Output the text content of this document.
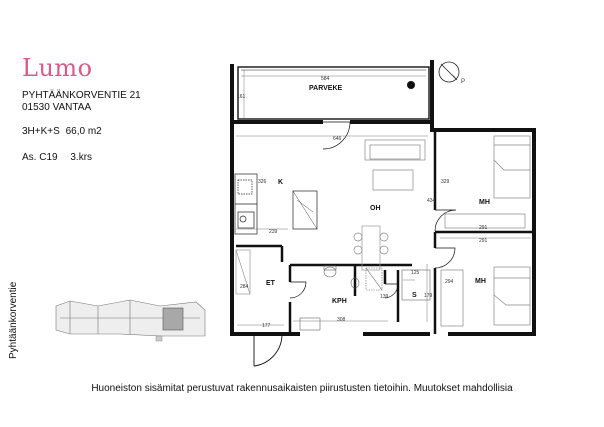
Lumo
PYHTÄÄNKORVENTIE 21
01530 VANTAA
3H+K+S 66,0 m2
As. C19 3.krs
Pyhtäänkorventie
P
PARVEKE
K
OH
MH
MH
ET
KPH
S
584
161
646
326	329
434
239
291
291
284
125
179
294
139
308
177
Huoneiston sisämitat perustuvat rakennusaikaisten piirustusten tietoihin. Muutokset mahdollisia
